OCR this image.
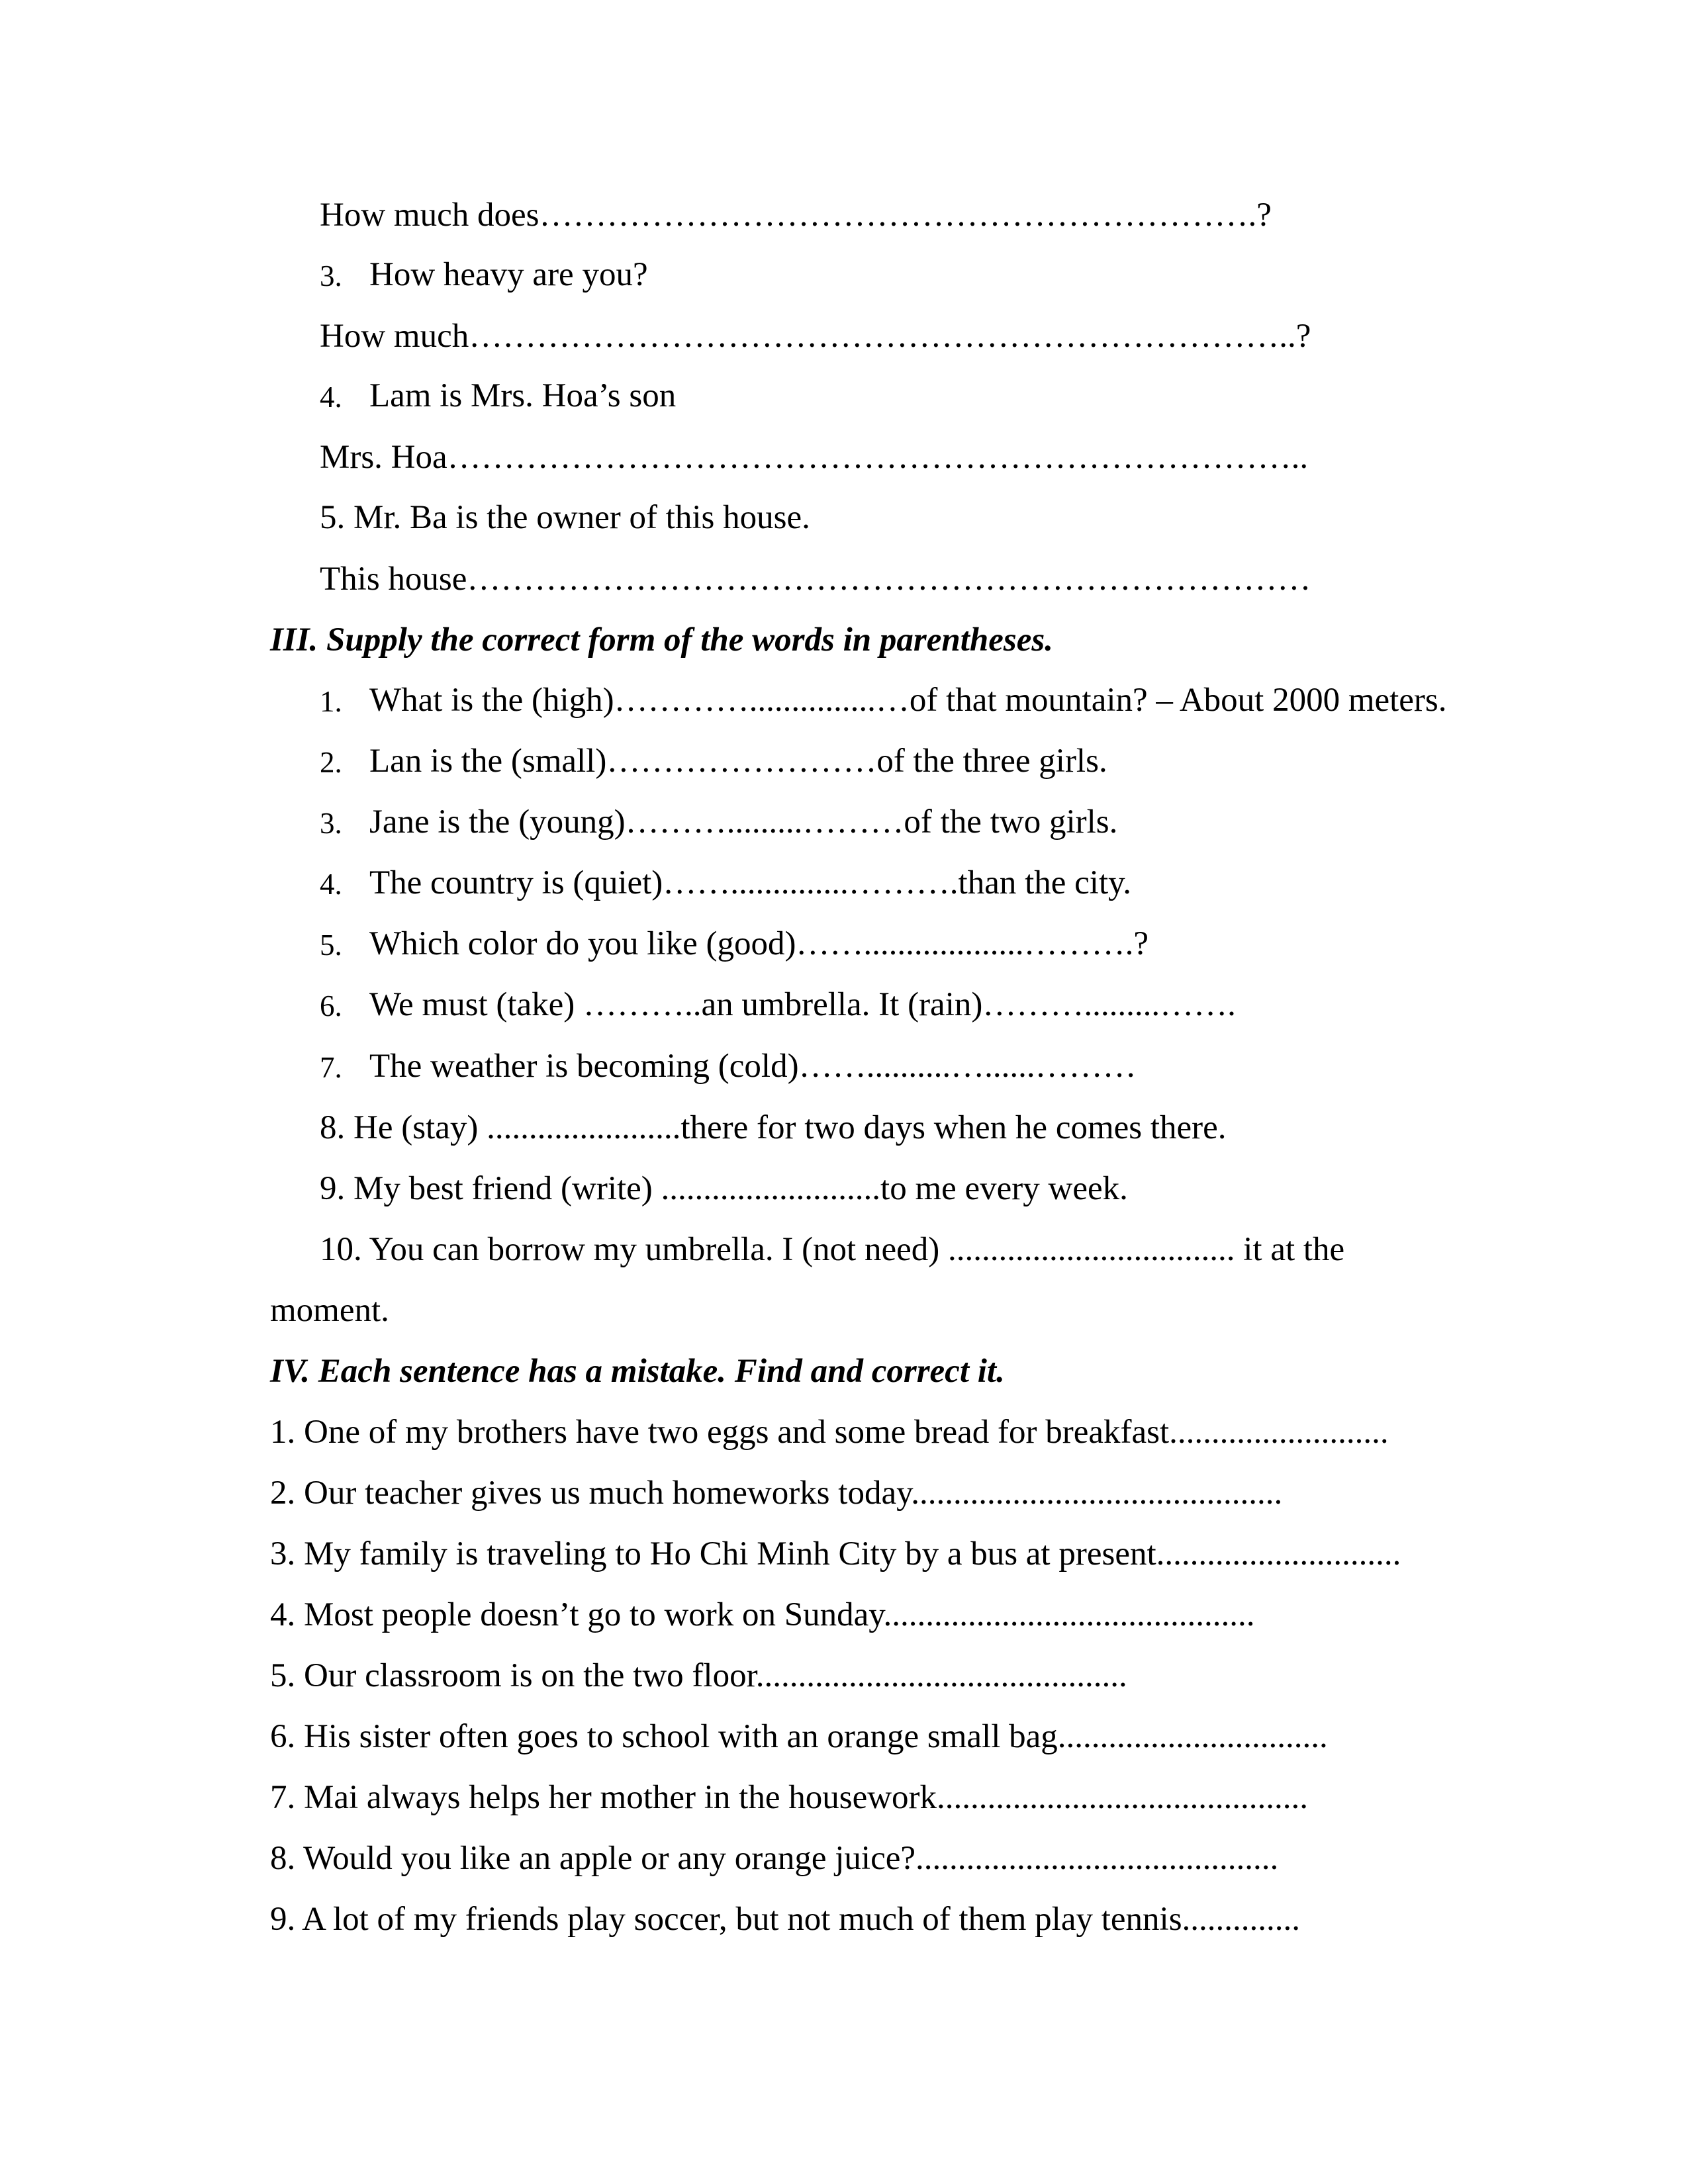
How much does……………………………………………………….?

3. How heavy are you?

How much………………………………………………………………..?

4. Lam is Mrs. Hoa’s son

Mrs. Hoa…………………………………………………………………..

5. Mr. Ba is the owner of this house.

This house…………………………………………………………………

III. Supply the correct form of the words in parentheses.

1. What is the (high)…………...............…of that mountain? – About 2000 meters.

2. Lan is the (small)……………………of the three girls.

3. Jane is the (young)……….........………of the two girls.

4. The country is (quiet)……..............……….than the city.

5. Which color do you like (good)……...................……….?

6. We must (take) ………..an umbrella. It (rain)……….........…….

7. The weather is becoming (cold)……..........…......………

8. He (stay) .......................there for two days when he comes there.

9. My best friend (write) ..........................to me every week.

10. You can borrow my umbrella. I (not need) .................................. it at the

moment.

IV. Each sentence has a mistake. Find and correct it.

1. One of my brothers have two eggs and some bread for breakfast..........................

2. Our teacher gives us much homeworks today............................................

3. My family is traveling to Ho Chi Minh City by a bus at present.............................

4. Most people doesn’t go to work on Sunday............................................

5. Our classroom is on the two floor............................................

6. His sister often goes to school with an orange small bag................................

7. Mai always helps her mother in the housework............................................

8. Would you like an apple or any orange juice?...........................................

9. A lot of my friends play soccer, but not much of them play tennis..............
